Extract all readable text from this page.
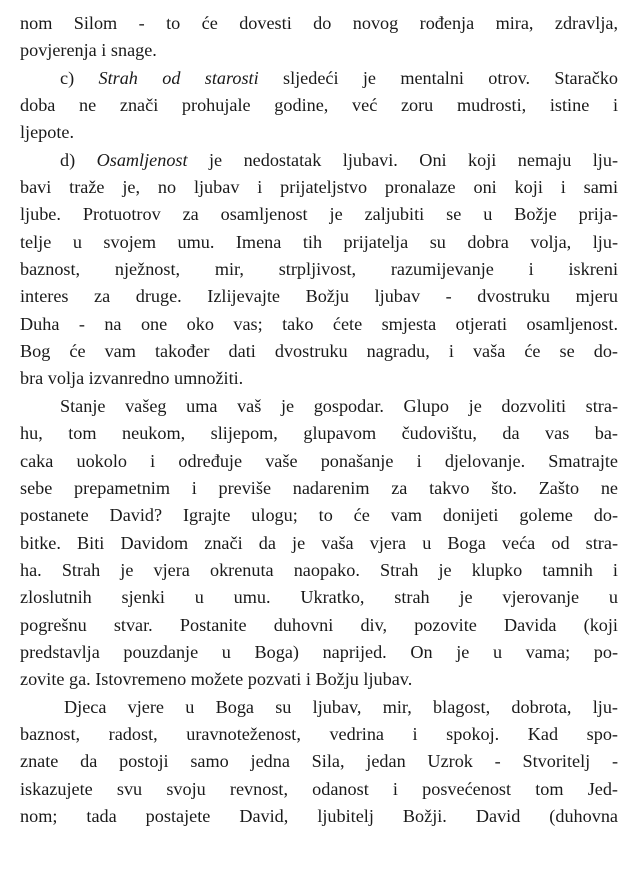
nom Silom - to će dovesti do novog rođenja mira, zdravlja,
povjerenja i snage.
c) Strah od starosti sljedeći je mentalni otrov. Staračko
doba ne znači prohujale godine, već zoru mudrosti, istine i
ljepote.
d) Osamljenost je nedostatak ljubavi. Oni koji nemaju lju-
bavi traže je, no ljubav i prijateljstvo pronalaze oni koji i sami
ljube. Protuotrov za osamljenost je zaljubiti se u Božje prija-
telje u svojem umu. Imena tih prijatelja su dobra volja, lju-
baznost, nježnost, mir, strpljivost, razumijevanje i iskreni
interes za druge. Izlijevajte Božju ljubav - dvostruku mjeru
Duha - na one oko vas; tako ćete smjesta otjerati osamljenost.
Bog će vam također dati dvostruku nagradu, i vaša će se do-
bra volja izvanredno umnožiti.
Stanje vašeg uma vaš je gospodar. Glupo je dozvoliti stra-
hu, tom neukom, slijepom, glupavom čudovištu, da vas ba-
caka uokolo i određuje vaše ponašanje i djelovanje. Smatrajte
sebe prepametnim i previše nadarenim za takvo što. Zašto ne
postanete David? Igrajte ulogu; to će vam donijeti goleme do-
bitke. Biti Davidom znači da je vaša vjera u Boga veća od stra-
ha. Strah je vjera okrenuta naopako. Strah je klupko tamnih i
zloslutnih sjenki u umu. Ukratko, strah je vjerovanje u
pogrešnu stvar. Postanite duhovni div, pozovite Davida (koji
predstavlja pouzdanje u Boga) naprijed. On je u vama; po-
zovite ga. Istovremeno možete pozvati i Božju ljubav.
Djeca vjere u Boga su ljubav, mir, blagost, dobrota, lju-
baznost, radost, uravnoteženost, vedrina i spokoj. Kad spo-
znate da postoji samo jedna Sila, jedan Uzrok - Stvoritelj -
iskazujete svu svoju revnost, odanost i posvećenost tom Jed-
nom; tada postajete David, ljubitelj Božji. David (duhovna
